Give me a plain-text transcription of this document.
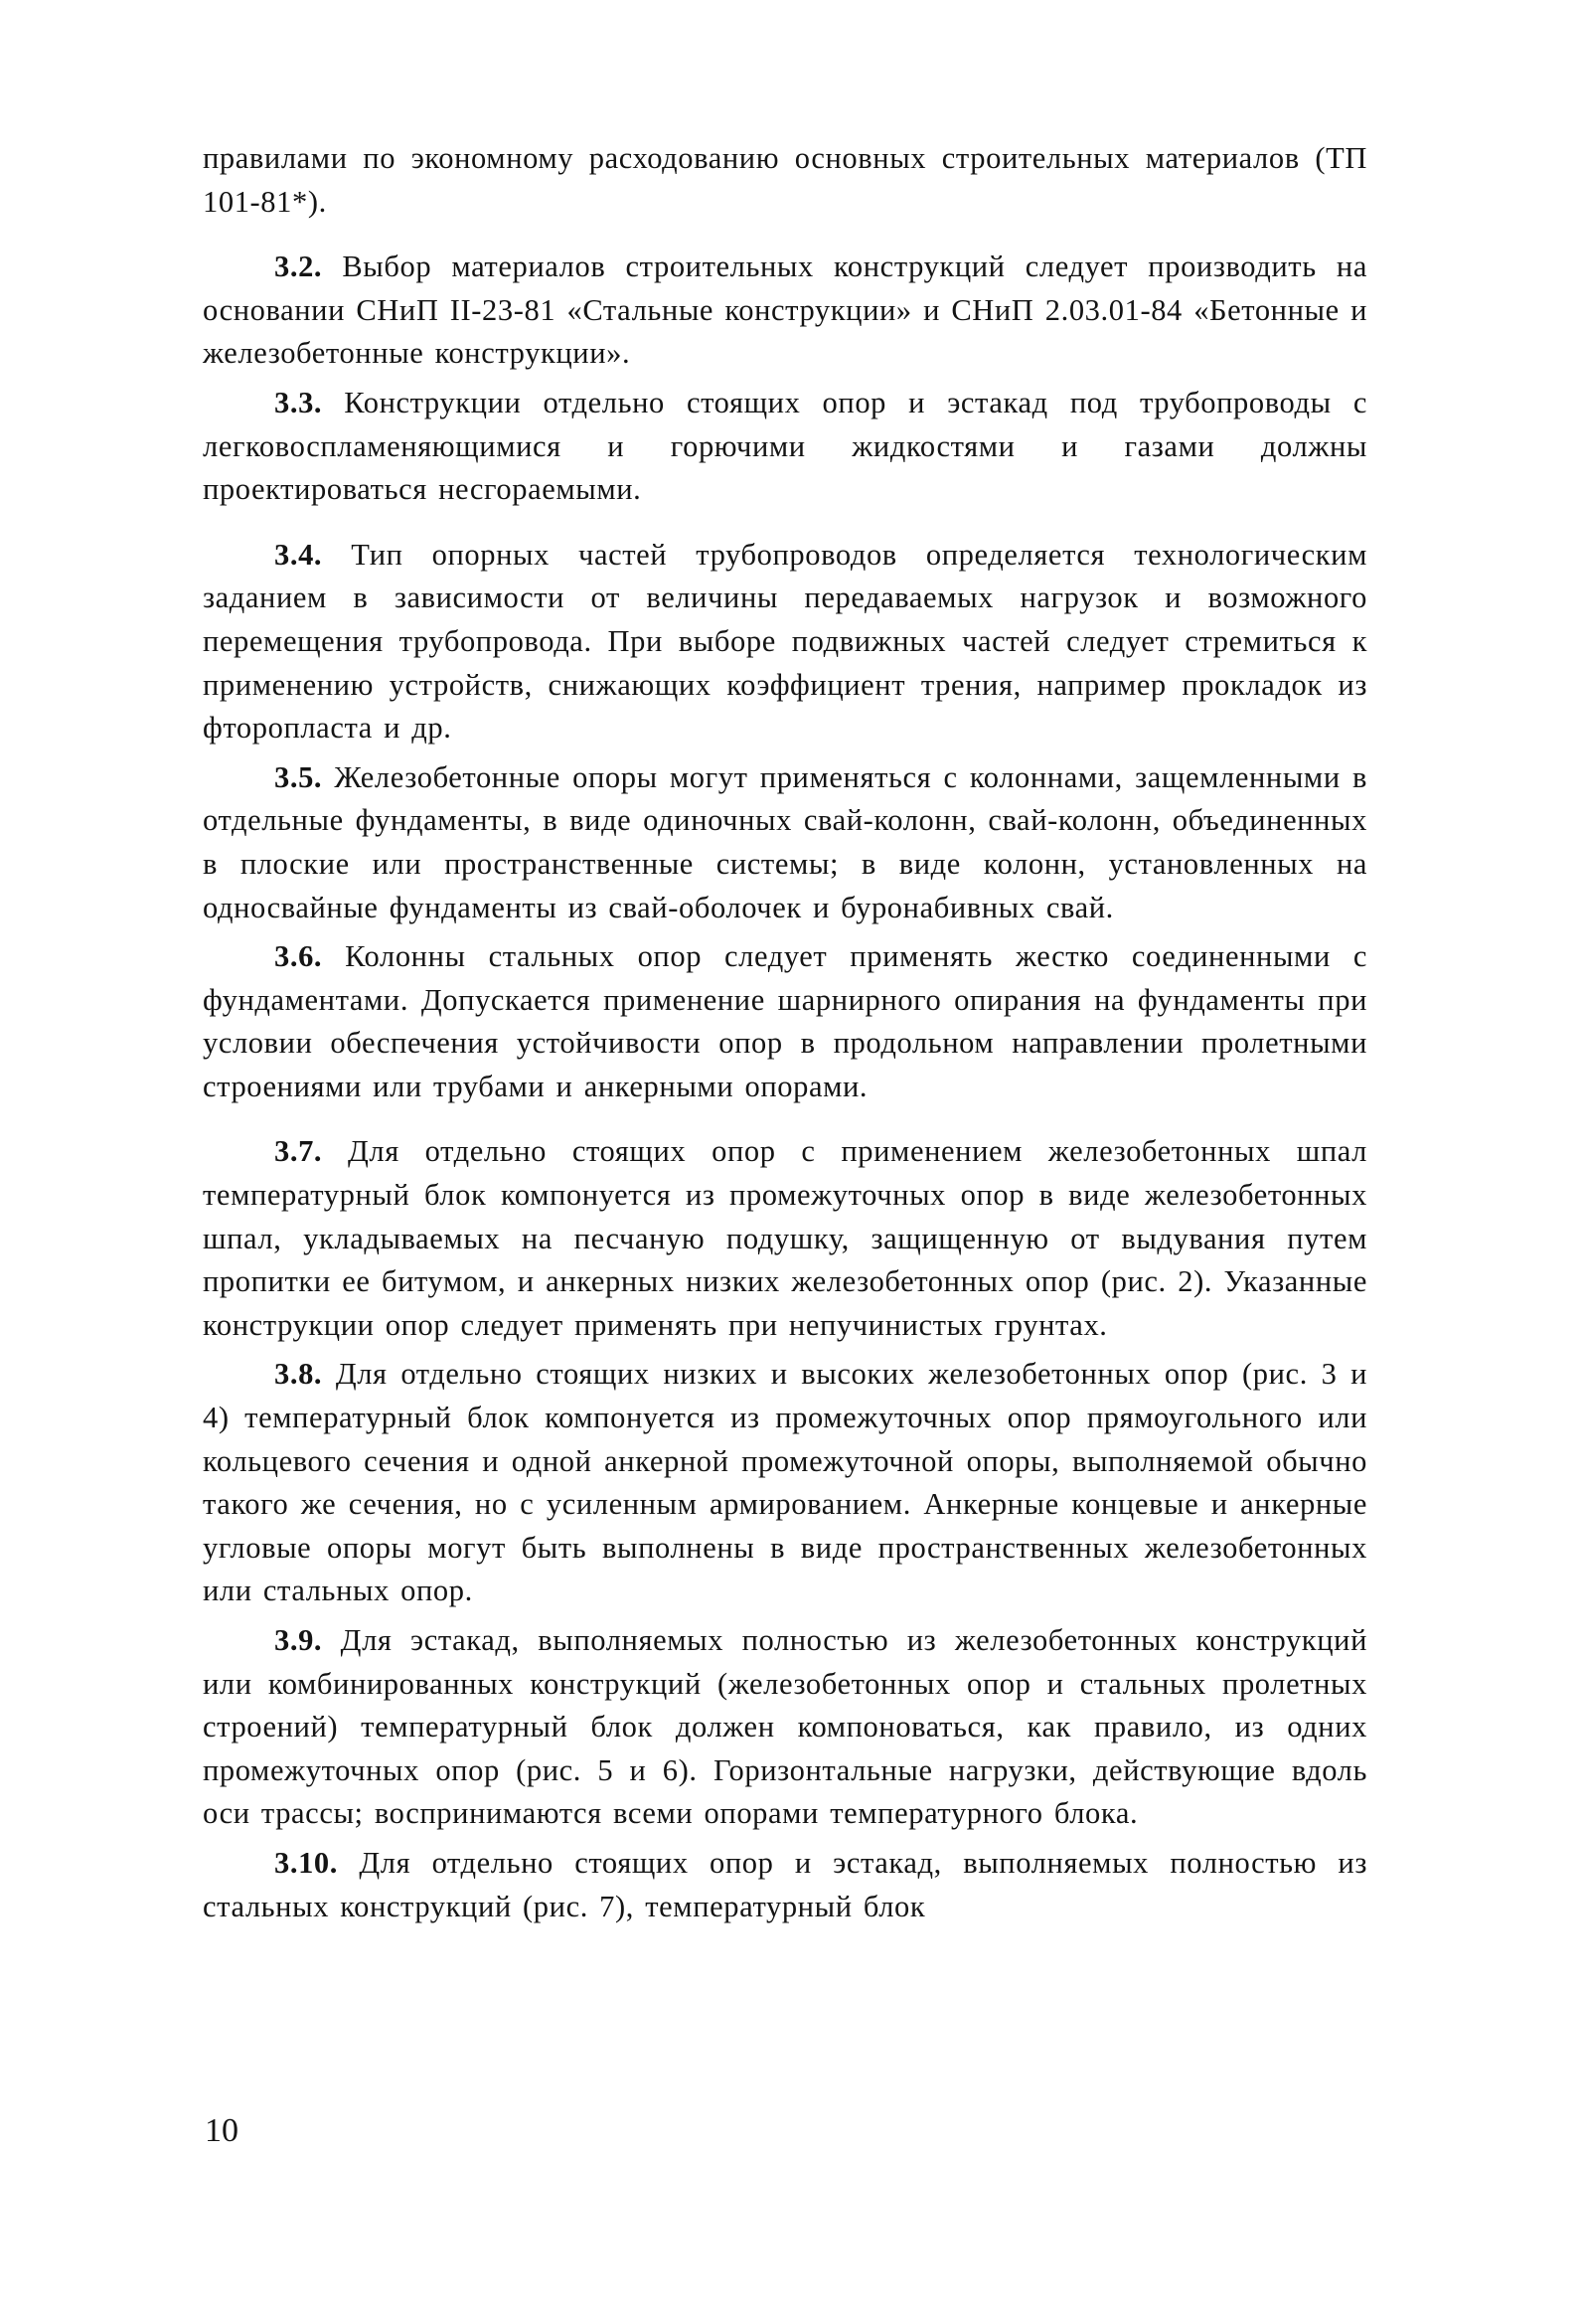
правилами по экономному расходованию основных строительных материалов (ТП 101-81*).

3.2. Выбор материалов строительных конструкций следует производить на основании СНиП II-23-81 «Стальные конструкции» и СНиП 2.03.01-84 «Бетонные и железобетонные конструкции».

3.3. Конструкции отдельно стоящих опор и эстакад под трубопроводы с легковоспламеняющимися и горючими жидкостями и газами должны проектироваться несгораемыми.

3.4. Тип опорных частей трубопроводов определяется технологическим заданием в зависимости от величины передаваемых нагрузок и возможного перемещения трубопровода. При выборе подвижных частей следует стремиться к применению устройств, снижающих коэффициент трения, например прокладок из фторопласта и др.

3.5. Железобетонные опоры могут применяться с колоннами, защемленными в отдельные фундаменты, в виде одиночных свай-колонн, свай-колонн, объединенных в плоские или пространственные системы; в виде колонн, установленных на односвайные фундаменты из свай-оболочек и буронабивных свай.

3.6. Колонны стальных опор следует применять жестко соединенными с фундаментами. Допускается применение шарнирного опирания на фундаменты при условии обеспечения устойчивости опор в продольном направлении пролетными строениями или трубами и анкерными опорами.

3.7. Для отдельно стоящих опор с применением железобетонных шпал температурный блок компонуется из промежуточных опор в виде железобетонных шпал, укладываемых на песчаную подушку, защищенную от выдувания путем пропитки ее битумом, и анкерных низких железобетонных опор (рис. 2). Указанные конструкции опор следует применять при непучинистых грунтах.

3.8. Для отдельно стоящих низких и высоких железобетонных опор (рис. 3 и 4) температурный блок компонуется из промежуточных опор прямоугольного или кольцевого сечения и одной анкерной промежуточной опоры, выполняемой обычно такого же сечения, но с усиленным армированием. Анкерные концевые и анкерные угловые опоры могут быть выполнены в виде пространственных железобетонных или стальных опор.

3.9. Для эстакад, выполняемых полностью из железобетонных конструкций или комбинированных конструкций (железобетонных опор и стальных пролетных строений) температурный блок должен компоноваться, как правило, из одних промежуточных опор (рис. 5 и 6). Горизонтальные нагрузки, действующие вдоль оси трассы; воспринимаются всеми опорами температурного блока.

3.10. Для отдельно стоящих опор и эстакад, выполняемых полностью из стальных конструкций (рис. 7), температурный блок

10
